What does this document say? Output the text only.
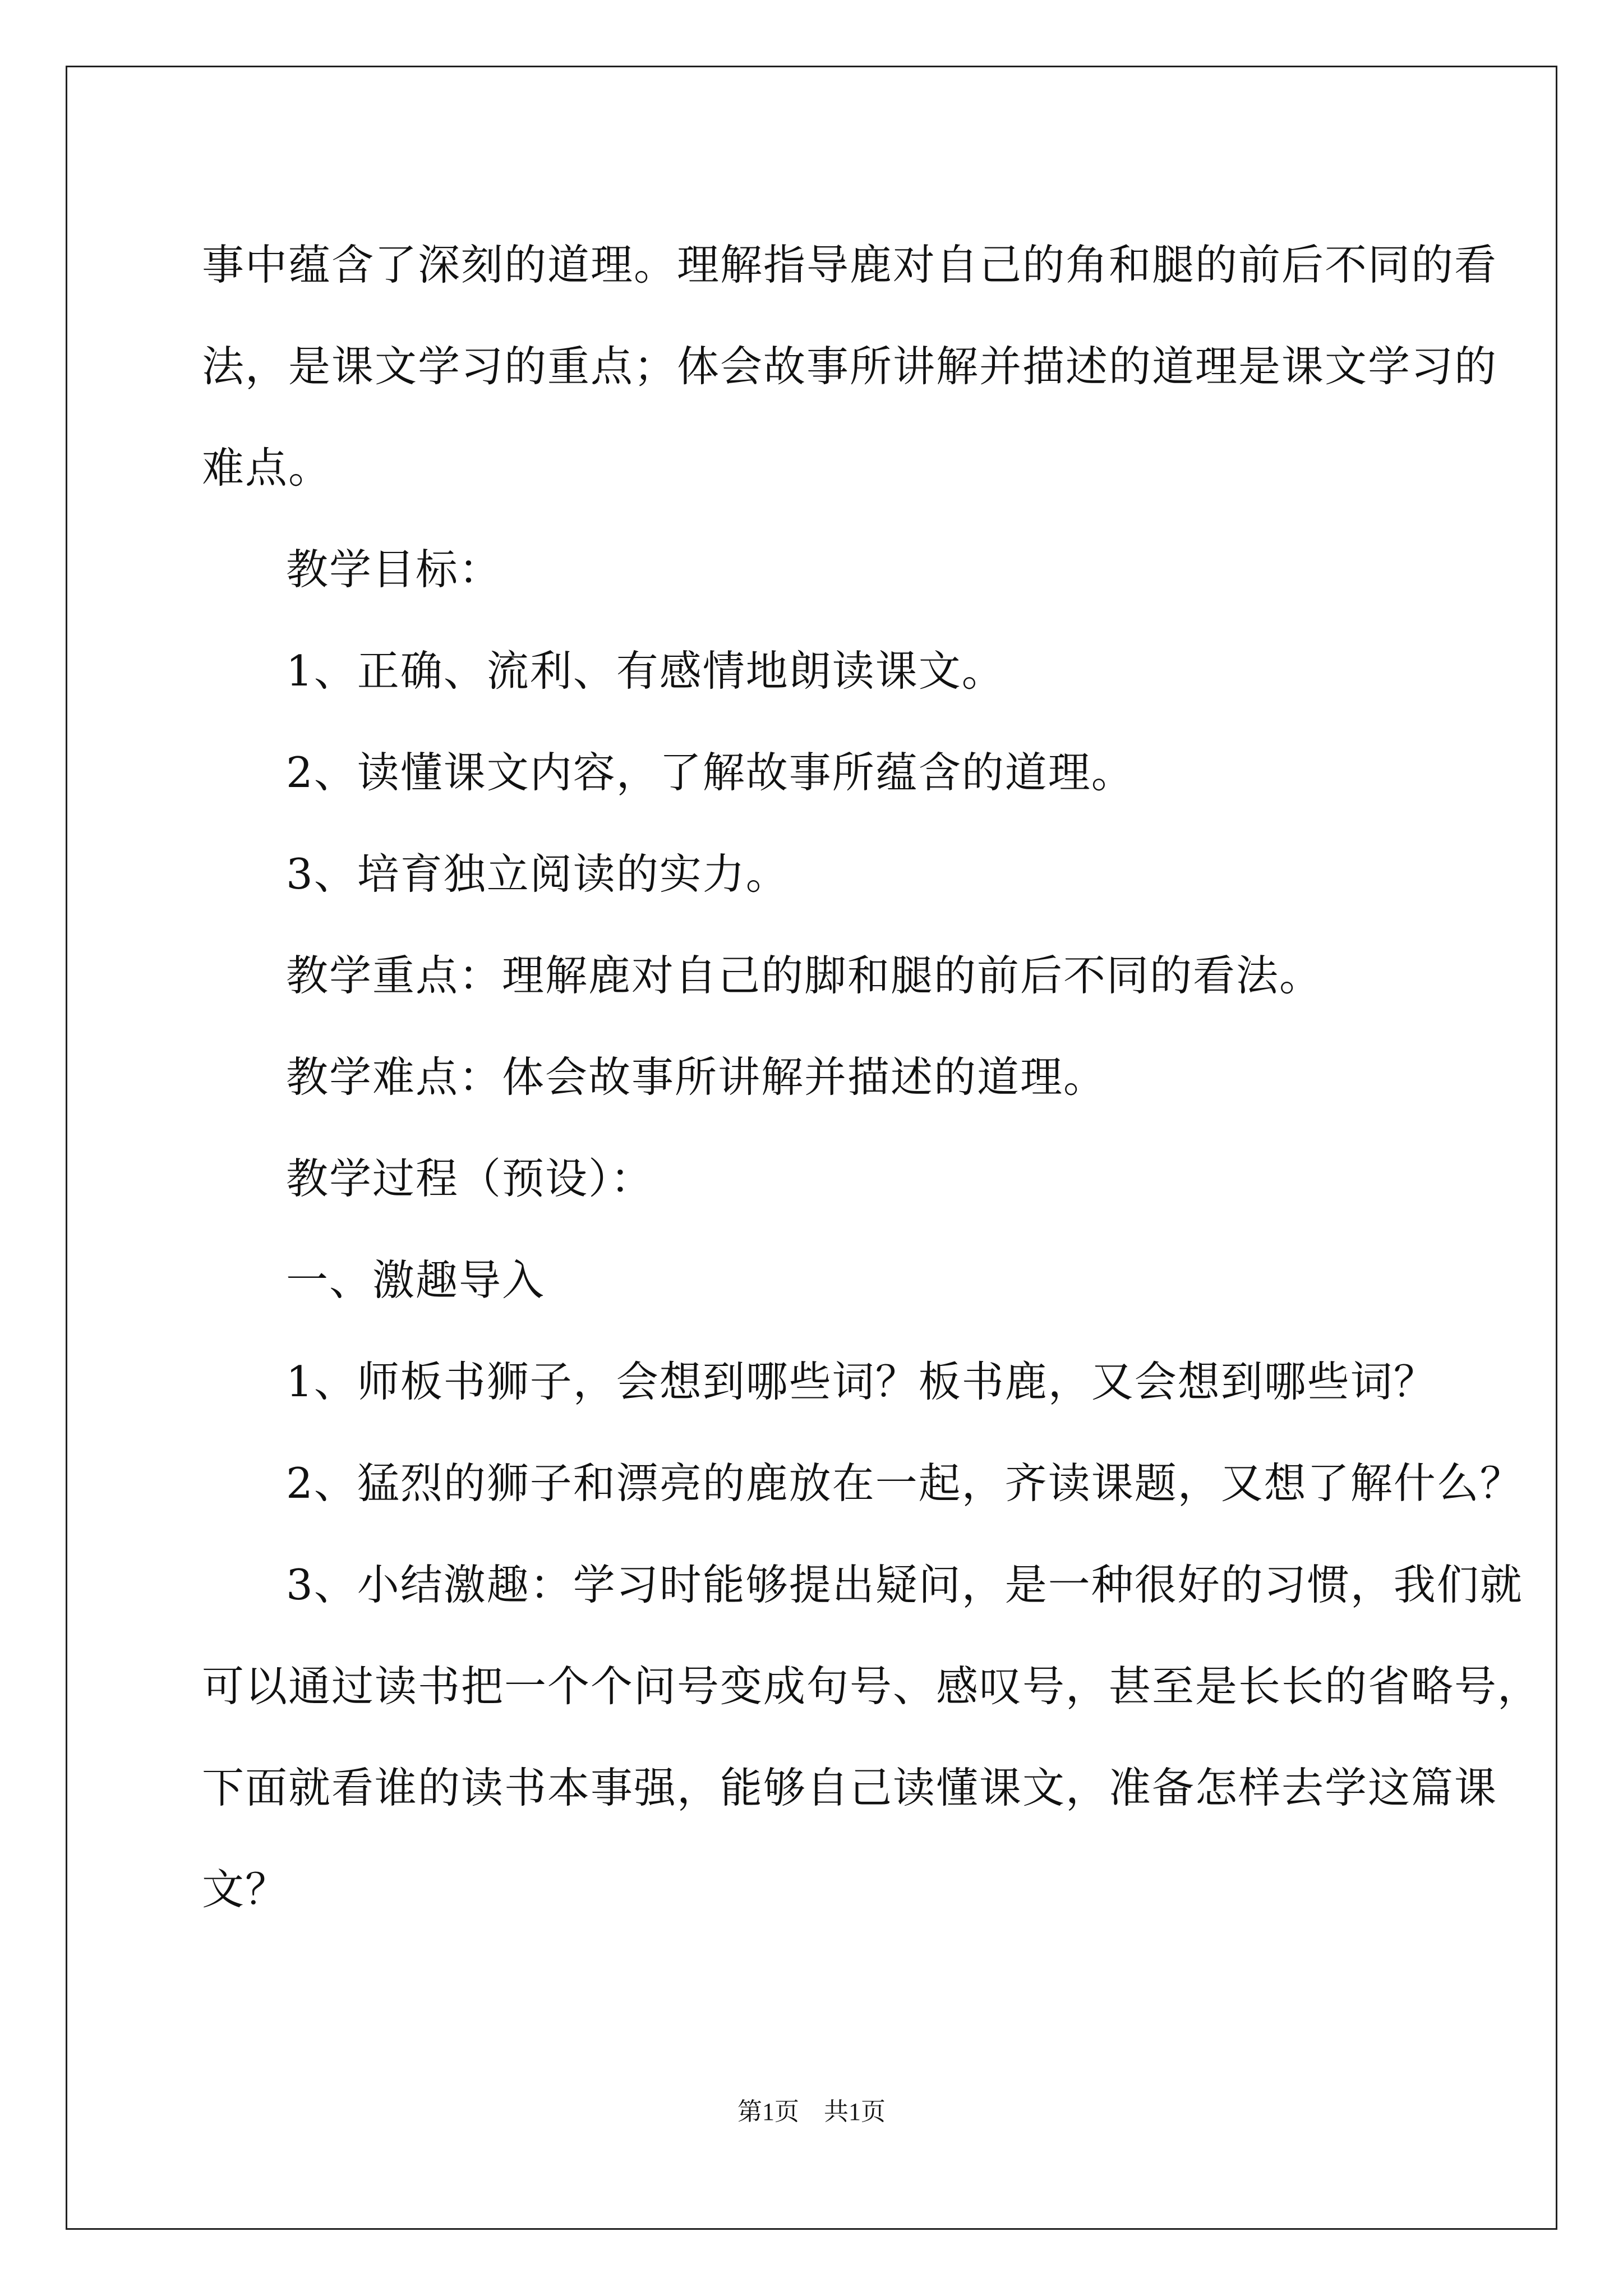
事中蕴含了深刻的道理。理解指导鹿对自己的角和腿的前后不同的看
法，是课文学习的重点；体会故事所讲解并描述的道理是课文学习的
难点。
教学目标：
1、正确、流利、有感情地朗读课文。
2、读懂课文内容，了解故事所蕴含的道理。
3、培育独立阅读的实力。
教学重点：理解鹿对自己的脚和腿的前后不同的看法。
教学难点：体会故事所讲解并描述的道理。
教学过程（预设）：
一、激趣导入
1、师板书狮子，会想到哪些词？板书鹿，又会想到哪些词？
2、猛烈的狮子和漂亮的鹿放在一起，齐读课题，又想了解什么？
3、小结激趣：学习时能够提出疑问，是一种很好的习惯，我们就
可以通过读书把一个个问号变成句号、感叹号，甚至是长长的省略号，
下面就看谁的读书本事强，能够自己读懂课文，准备怎样去学这篇课
文？
第1页　共1页
